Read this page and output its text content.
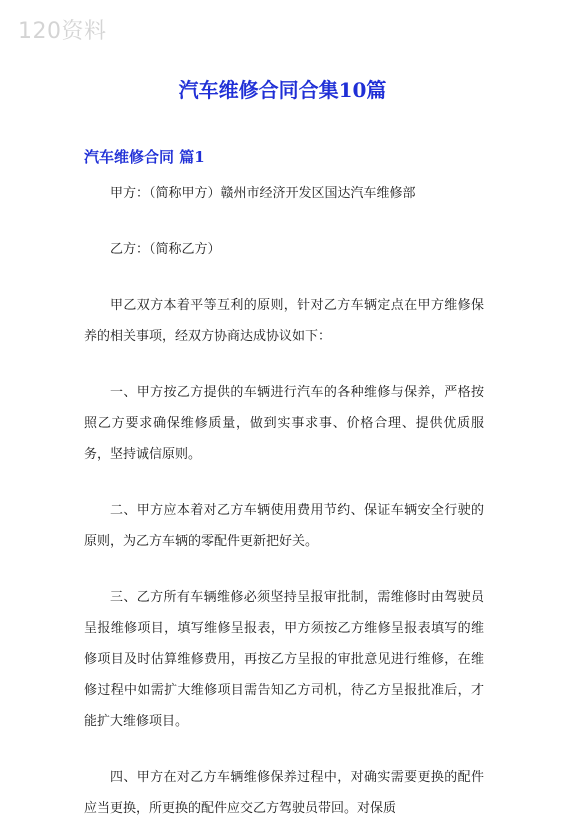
120资料
汽车维修合同合集10篇
汽车维修合同 篇1

甲方：（简称甲方）赣州市经济开发区国达汽车维修部

乙方：（简称乙方）

甲乙双方本着平等互利的原则，针对乙方车辆定点在甲方维修保养的相关事项，经双方协商达成协议如下：

一、甲方按乙方提供的车辆进行汽车的各种维修与保养，严格按照乙方要求确保维修质量，做到实事求事、价格合理、提供优质服务，坚持诚信原则。

二、甲方应本着对乙方车辆使用费用节约、保证车辆安全行驶的原则，为乙方车辆的零配件更新把好关。

三、乙方所有车辆维修必须坚持呈报审批制，需维修时由驾驶员呈报维修项目，填写维修呈报表，甲方须按乙方维修呈报表填写的维修项目及时估算维修费用，再按乙方呈报的审批意见进行维修，在维修过程中如需扩大维修项目需告知乙方司机，待乙方呈报批准后，才能扩大维修项目。

四、甲方在对乙方车辆维修保养过程中，对确实需要更换的配件应当更换，所更换的配件应交乙方驾驶员带回。对保质
